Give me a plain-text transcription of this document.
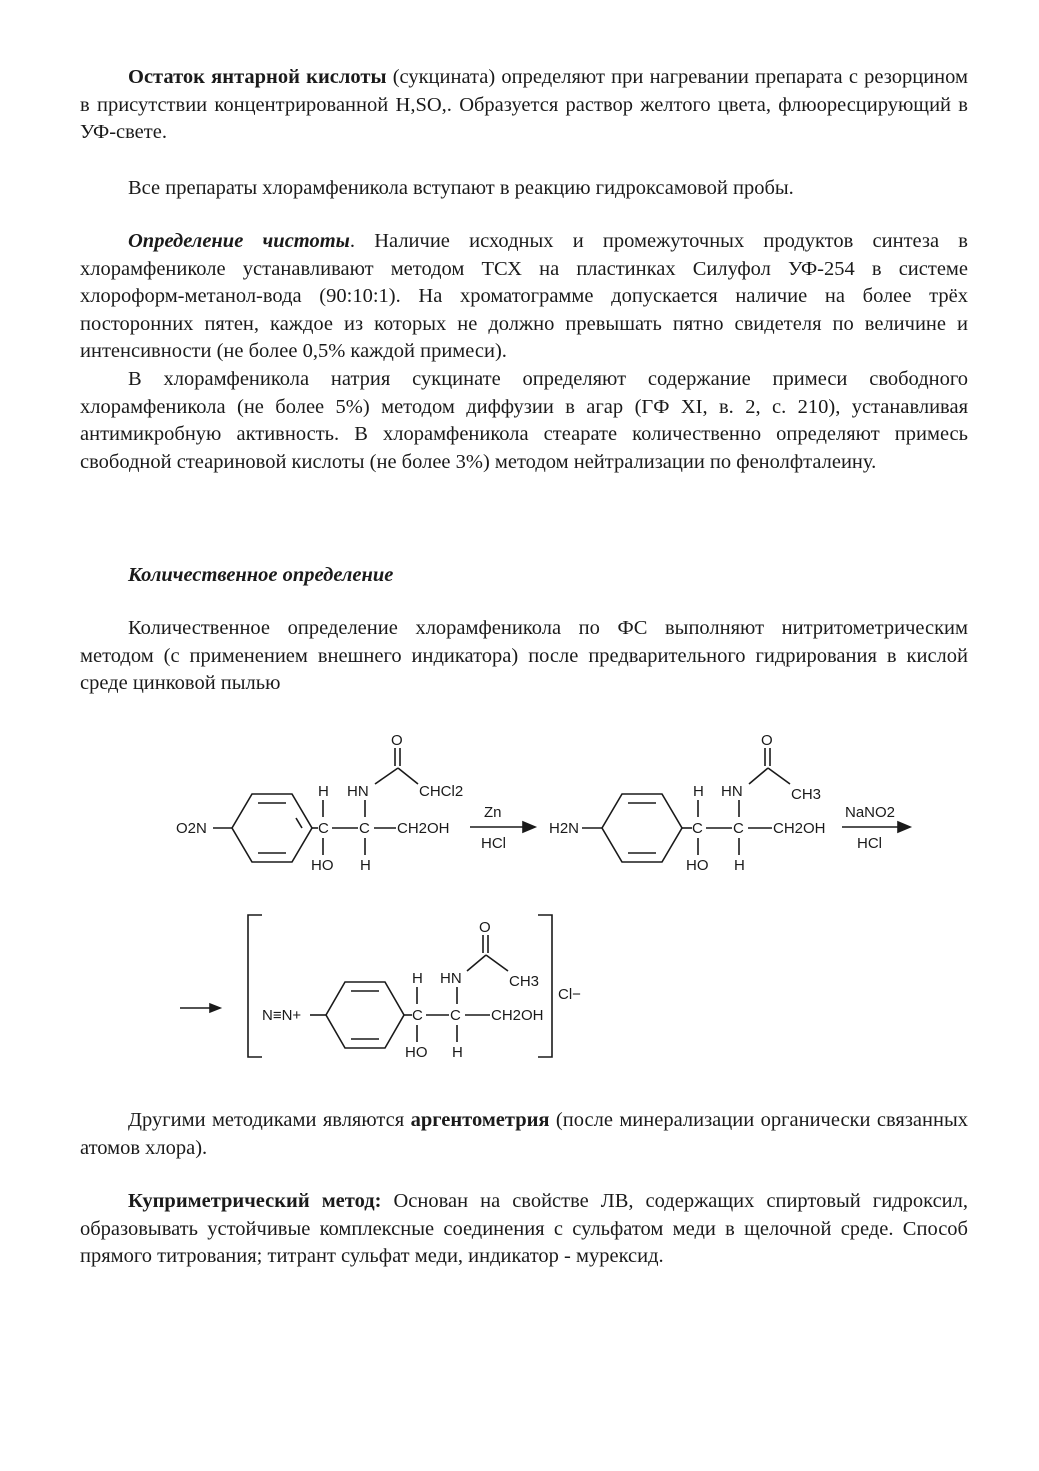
Остаток янтарной кислоты (сукцината) определяют при нагревании препарата с резорцином в присутствии концентрированной H,SO,. Образуется раствор желтого цвета, флюоресцирующий в УФ-свете.

Все препараты хлорамфеникола вступают в реакцию гидроксамовой пробы.

Определение чистоты. Наличие исходных и промежуточных продуктов синтеза в хлорамфениколе устанавливают методом ТСХ на пластинках Силуфол УФ-254 в системе хлороформ-метанол-вода (90:10:1). На хроматограмме допускается наличие на более трёх посторонних пятен, каждое из которых не должно превышать пятно свидетеля по величине и интенсивности (не более 0,5% каждой примеси).

В хлорамфеникола натрия сукцинате определяют содержание примеси свободного хлорамфеникола (не более 5%) методом диффузии в агар (ГФ XI, в. 2, с. 210), устанавливая антимикробную активность. В хлорамфеникола стеарате количественно определяют примесь свободной стеариновой кислоты (не более 3%) методом нейтрализации по фенолфталеину.

Количественное определение

Количественное определение хлорамфеникола по ФС выполняют нитритометрическим методом (с применением внешнего индикатора) после предварительного гидрирования в кислой среде цинковой пылью

O2N	C C CH2OH
H HN
O
CHCl2
HO H
Zn
HCl
H2N	C C CH2OH
H HN
O
CH3
HO H
NaNO2
HCl
Cl−
N≡N+	C C CH2OH
H HN
O
CH3
HO H

Другими методиками являются аргентометрия (после минерализации органически связанных атомов хлора).

Куприметрический метод: Основан на свойстве ЛВ, содержащих спиртовый гидроксил, образовывать устойчивые комплексные соединения с сульфатом меди в щелочной среде. Способ прямого титрования; титрант сульфат меди, индикатор - мурексид.
